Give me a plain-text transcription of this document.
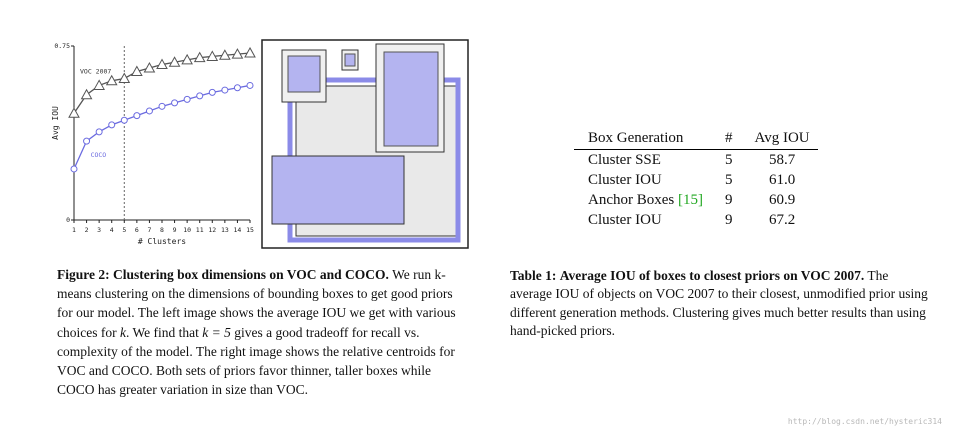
1 2 3 4 5 6 7 8 9 10 11 12 13 14 15
0
0.75
# Clusters
Avg IOU
VOC 2007
COCO
Figure 2: Clustering box dimensions on VOC and COCO. We run k-means clustering on the dimensions of bounding boxes to get good priors for our model. The left image shows the average IOU we get with various choices for k. We find that k = 5 gives a good tradeoff for recall vs. complexity of the model. The right image shows the relative centroids for VOC and COCO. Both sets of priors favor thinner, taller boxes while COCO has greater variation in size than VOC.
Box Generation	#	Avg IOU
Cluster SSE	5	58.7
Cluster IOU	5	61.0
Anchor Boxes [15]	9	60.9
Cluster IOU	9	67.2
Table 1: Average IOU of boxes to closest priors on VOC 2007. The average IOU of objects on VOC 2007 to their closest, unmodified prior using different generation methods. Clustering gives much better results than using hand-picked priors.
http://blog.csdn.net/hysteric314
